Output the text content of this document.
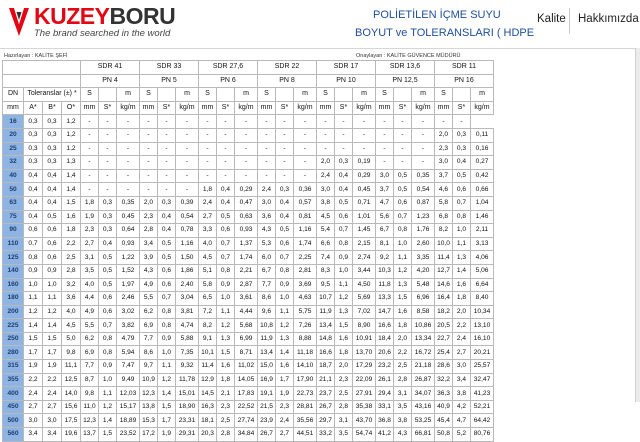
KUZEYBORU
The brand searched in the world
POLİETİLEN İÇME SUYU
BOYUT ve TOLERANSLARI ( HDPE
Kalite Hakkımızda
Hazırlayan : KALİTE ŞEFİ	Onaylayan : KALİTE GÜVENCE MÜDÜRÜ
				SDR 41			SDR 33			SDR 27,6			SDR 22			SDR 17			SDR 13,6			SDR 11		
				PN 4			PN 5			PN 6			PN 8			PN 10			PN 12,5			PN 16		
DN	Toleranslar (±) *			S		m	S		m	S		m	S		m	S		m	S		m	S		m
mm	A*	B*	O*	mm	S*	kg/m	mm	S*	kg/m	mm	S*	kg/m	mm	S*	kg/m	mm	S*	kg/m	mm	S*	kg/m	mm	S*	kg/m
16	0,3	0,3	1,2	-	-	-	-	-	-	-	-	-	-	-	-	-	-	-	-	-	-	-	-	
20	0,3	0,3	1,2	-	-	-	-	-	-	-	-	-	-	-	-	-	-	-	-	-	-	2,0	0,3	0,11
25	0,3	0,3	1,2	-	-	-	-	-	-	-	-	-	-	-	-	-	-	-	-	-	-	2,3	0,3	0,16
32	0,3	0,3	1,3	-	-	-	-	-	-	-	-	-	-	-	-	2,0	0,3	0,19	-	-	-	3,0	0,4	0,27
40	0,4	0,4	1,4	-	-	-	-	-	-	-	-	-	-	-	-	2,4	0,4	0,29	3,0	0,5	0,35	3,7	0,5	0,42
50	0,4	0,4	1,4	-	-	-	-	-	-	1,8	0,4	0,29	2,4	0,3	0,36	3,0	0,4	0,45	3,7	0,5	0,54	4,6	0,6	0,66
63	0,4	0,4	1,5	1,8	0,3	0,35	2,0	0,3	0,39	2,4	0,4	0,47	3,0	0,4	0,57	3,8	0,5	0,71	4,7	0,6	0,87	5,8	0,7	1,04
75	0,4	0,5	1,6	1,9	0,3	0,45	2,3	0,4	0,54	2,7	0,5	0,63	3,6	0,4	0,81	4,5	0,6	1,01	5,6	0,7	1,23	6,8	0,8	1,46
90	0,6	0,6	1,8	2,3	0,3	0,64	2,8	0,4	0,78	3,3	0,6	0,93	4,3	0,5	1,16	5,4	0,7	1,45	6,7	0,8	1,76	8,2	1,0	2,11
110	0,7	0,6	2,2	2,7	0,4	0,93	3,4	0,5	1,16	4,0	0,7	1,37	5,3	0,6	1,74	6,6	0,8	2,15	8,1	1,0	2,60	10,0	1,1	3,13
125	0,8	0,6	2,5	3,1	0,5	1,22	3,9	0,5	1,50	4,5	0,7	1,74	6,0	0,7	2,25	7,4	0,9	2,74	9,2	1,1	3,35	11,4	1,3	4,06
140	0,9	0,9	2,8	3,5	0,5	1,52	4,3	0,6	1,86	5,1	0,8	2,21	6,7	0,8	2,81	8,3	1,0	3,44	10,3	1,2	4,20	12,7	1,4	5,06
160	1,0	1,0	3,2	4,0	0,5	1,97	4,9	0,6	2,40	5,8	0,9	2,87	7,7	0,9	3,69	9,5	1,1	4,50	11,8	1,3	5,48	14,6	1,6	6,64
180	1,1	1,1	3,6	4,4	0,6	2,46	5,5	0,7	3,04	6,5	1,0	3,61	8,6	1,0	4,63	10,7	1,2	5,69	13,3	1,5	6,96	16,4	1,8	8,40
200	1,2	1,2	4,0	4,9	0,6	3,02	6,2	0,8	3,81	7,2	1,1	4,44	9,6	1,1	5,75	11,9	1,3	7,02	14,7	1,6	8,58	18,2	2,0	10,34
225	1,4	1,4	4,5	5,5	0,7	3,82	6,9	0,8	4,74	8,2	1,2	5,68	10,8	1,2	7,26	13,4	1,5	8,90	16,6	1,8	10,86	20,5	2,2	13,10
250	1,5	1,5	5,0	6,2	0,8	4,79	7,7	0,9	5,88	9,1	1,3	6,99	11,9	1,3	8,88	14,8	1,6	10,91	18,4	2,0	13,34	22,7	2,4	16,10
280	1,7	1,7	9,8	6,9	0,8	5,94	8,6	1,0	7,35	10,1	1,5	8,71	13,4	1,4	11,18	16,6	1,8	13,70	20,6	2,2	16,72	25,4	2,7	20,21
315	1,9	1,9	11,1	7,7	0,9	7,47	9,7	1,1	9,32	11,4	1,6	11,02	15,0	1,6	14,10	18,7	2,0	17,29	23,2	2,5	21,18	28,6	3,0	25,57
355	2,2	2,2	12,5	8,7	1,0	9,49	10,9	1,2	11,78	12,9	1,8	14,05	16,9	1,7	17,90	21,1	2,3	22,09	26,1	2,8	26,87	32,2	3,4	32,47
400	2,4	2,4	14,0	9,8	1,1	12,03	12,3	1,4	15,01	14,5	2,1	17,83	19,1	1,9	22,73	23,7	2,5	27,91	29,4	3,1	34,07	36,3	3,8	41,23
450	2,7	2,7	15,6	11,0	1,2	15,17	13,8	1,5	18,90	16,3	2,3	22,52	21,5	2,3	28,81	26,7	2,8	35,38	33,1	3,5	43,16	40,9	4,2	52,21
500	3,0	3,0	17,5	12,3	1,4	18,89	15,3	1,7	23,31	18,1	2,5	27,74	23,9	2,4	35,56	29,7	3,1	43,70	36,8	3,8	53,25	45,4	4,7	64,42
560	3,4	3,4	19,6	13,7	1,5	23,52	17,2	1,9	29,31	20,3	2,8	34,84	26,7	2,7	44,51	33,2	3,5	54,74	41,2	4,3	66,81	50,8	5,2	80,76
